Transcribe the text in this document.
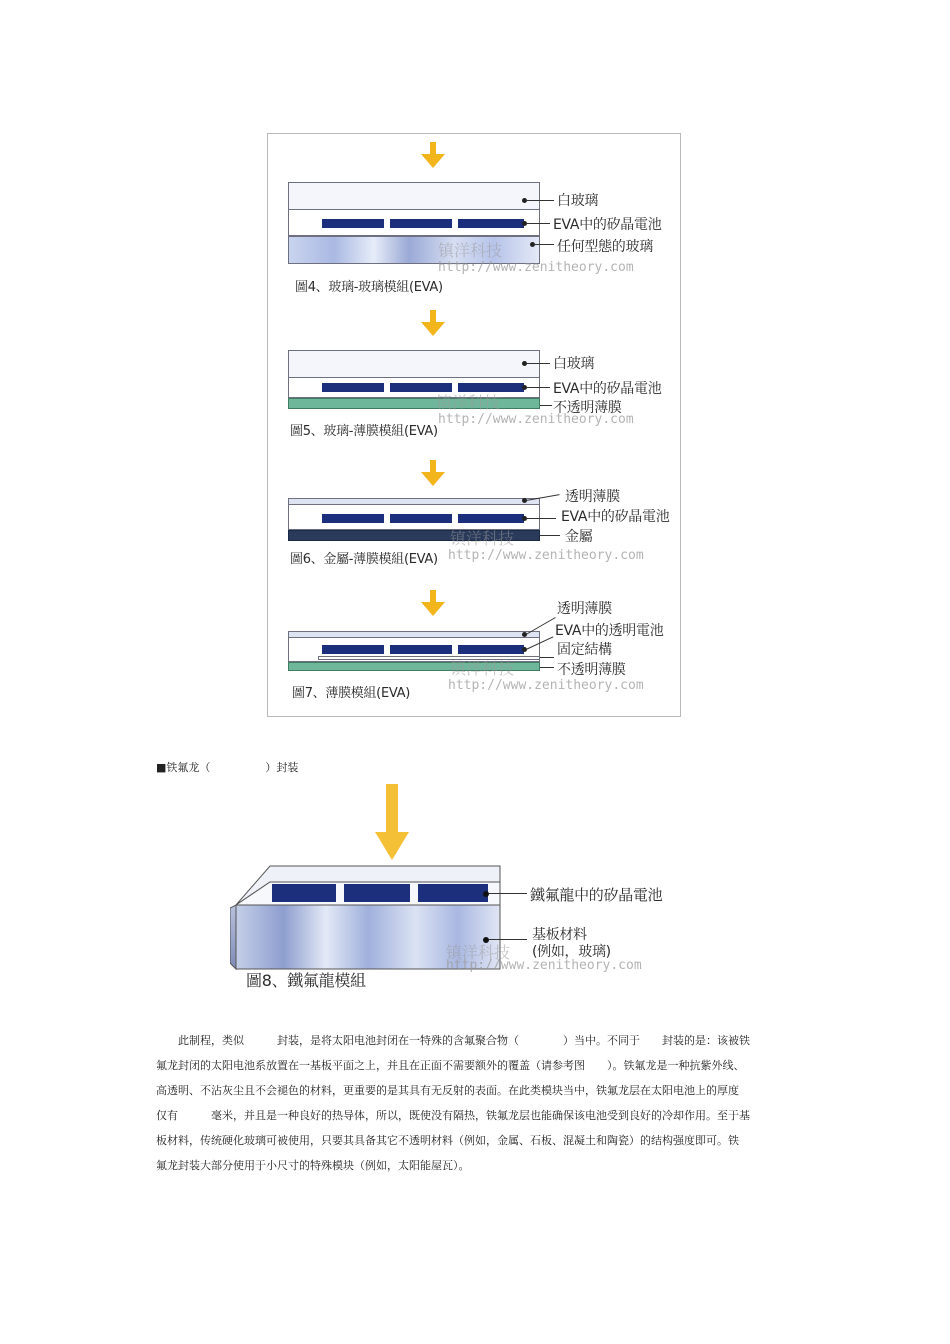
白玻璃
EVA中的矽晶電池
任何型態的玻璃
镇洋科技
http://www.zenitheory.com
圖4、玻璃-玻璃模組(EVA)
白玻璃
EVA中的矽晶電池
不透明薄膜
镇洋科技
http://www.zenitheory.com
圖5、玻璃-薄膜模組(EVA)
透明薄膜
EVA中的矽晶電池
金屬
镇洋科技
http://www.zenitheory.com
圖6、金屬-薄膜模組(EVA)
透明薄膜
EVA中的透明電池
固定結構
不透明薄膜
镇洋科技
http://www.zenitheory.com
圖7、薄膜模組(EVA)
■铁氟龙（　　　　　）封装
鐵氟龍中的矽晶電池
基板材料
(例如，玻璃)
镇洋科技
http://www.zenitheory.com
圖8、鐵氟龍模組
　　此制程，类似　　　封装，是将太阳电池封闭在一特殊的含氟聚合物（　　　　）当中。不同于　　封装的是：该被铁
氟龙封闭的太阳电池系放置在一基板平面之上，并且在正面不需要额外的覆盖（请参考图　　）。铁氟龙是一种抗紫外线、
高透明、不沾灰尘且不会褪色的材料，更重要的是其具有无反射的表面。在此类模块当中，铁氟龙层在太阳电池上的厚度
仅有　　　毫米，并且是一种良好的热导体，所以，既使没有隔热，铁氟龙层也能确保该电池受到良好的冷却作用。至于基
板材料，传统硬化玻璃可被使用，只要其具备其它不透明材料（例如，金属、石板、混凝土和陶瓷）的结构强度即可。铁
氟龙封装大部分使用于小尺寸的特殊模块（例如，太阳能屋瓦）。
